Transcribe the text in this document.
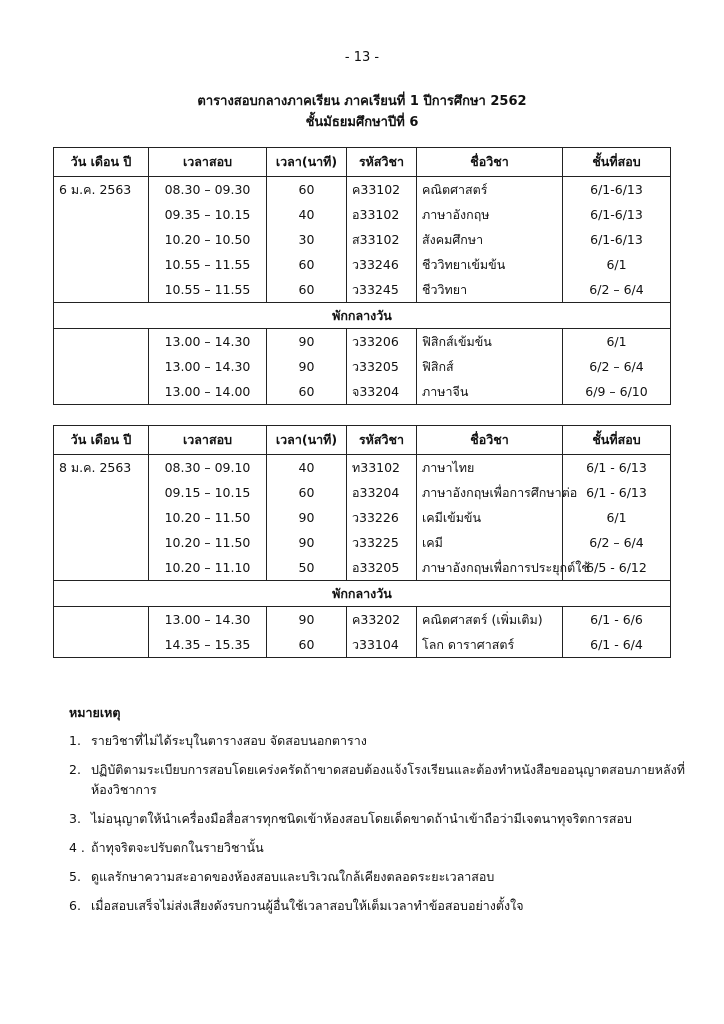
- 13 -
ตารางสอบกลางภาคเรียน ภาคเรียนที่ 1 ปีการศึกษา 2562
ชั้นมัธยมศึกษาปีที่ 6
วัน เดือน ปี	เวลาสอบ	เวลา(นาที)	รหัสวิชา	ชื่อวิชา	ชั้นที่สอบ
6 ม.ค. 2563	08.30 – 09.30	60	ค33102	คณิตศาสตร์	6/1-6/13
	09.35 – 10.15	40	อ33102	ภาษาอังกฤษ	6/1-6/13
	10.20 – 10.50	30	ส33102	สังคมศึกษา	6/1-6/13
	10.55 – 11.55	60	ว33246	ชีววิทยาเข้มข้น	6/1
	10.55 – 11.55	60	ว33245	ชีววิทยา	6/2 – 6/4
พักกลางวัน					
	13.00 – 14.30	90	ว33206	ฟิสิกส์เข้มข้น	6/1
	13.00 – 14.30	90	ว33205	ฟิสิกส์	6/2 – 6/4
	13.00 – 14.00	60	จ33204	ภาษาจีน	6/9 – 6/10
วัน เดือน ปี	เวลาสอบ	เวลา(นาที)	รหัสวิชา	ชื่อวิชา	ชั้นที่สอบ
8 ม.ค. 2563	08.30 – 09.10	40	ท33102	ภาษาไทย	6/1 - 6/13
	09.15 – 10.15	60	อ33204	ภาษาอังกฤษเพื่อการศึกษาต่อ	6/1 - 6/13
	10.20 – 11.50	90	ว33226	เคมีเข้มข้น	6/1
	10.20 – 11.50	90	ว33225	เคมี	6/2 – 6/4
	10.20 – 11.10	50	อ33205	ภาษาอังกฤษเพื่อการประยุกต์ใช้	6/5 - 6/12
พักกลางวัน					
	13.00 – 14.30	90	ค33202	คณิตศาสตร์ (เพิ่มเติม)	6/1 - 6/6
	14.35 – 15.35	60	ว33104	โลก ดาราศาสตร์	6/1 - 6/4
หมายเหตุ
1. รายวิชาที่ไม่ได้ระบุในตารางสอบ จัดสอบนอกตาราง
2. ปฏิบัติตามระเบียบการสอบโดยเคร่งครัดถ้าขาดสอบต้องแจ้งโรงเรียนและต้องทำหนังสือขออนุญาตสอบภายหลังที่ห้องวิชาการ
3. ไม่อนุญาตให้นำเครื่องมือสื่อสารทุกชนิดเข้าห้องสอบโดยเด็ดขาดถ้านำเข้าถือว่ามีเจตนาทุจริตการสอบ
4 . ถ้าทุจริตจะปรับตกในรายวิชานั้น
5. ดูแลรักษาความสะอาดของห้องสอบและบริเวณใกล้เคียงตลอดระยะเวลาสอบ
6. เมื่อสอบเสร็จไม่ส่งเสียงดังรบกวนผู้อื่นใช้เวลาสอบให้เต็มเวลาทำข้อสอบอย่างตั้งใจ
